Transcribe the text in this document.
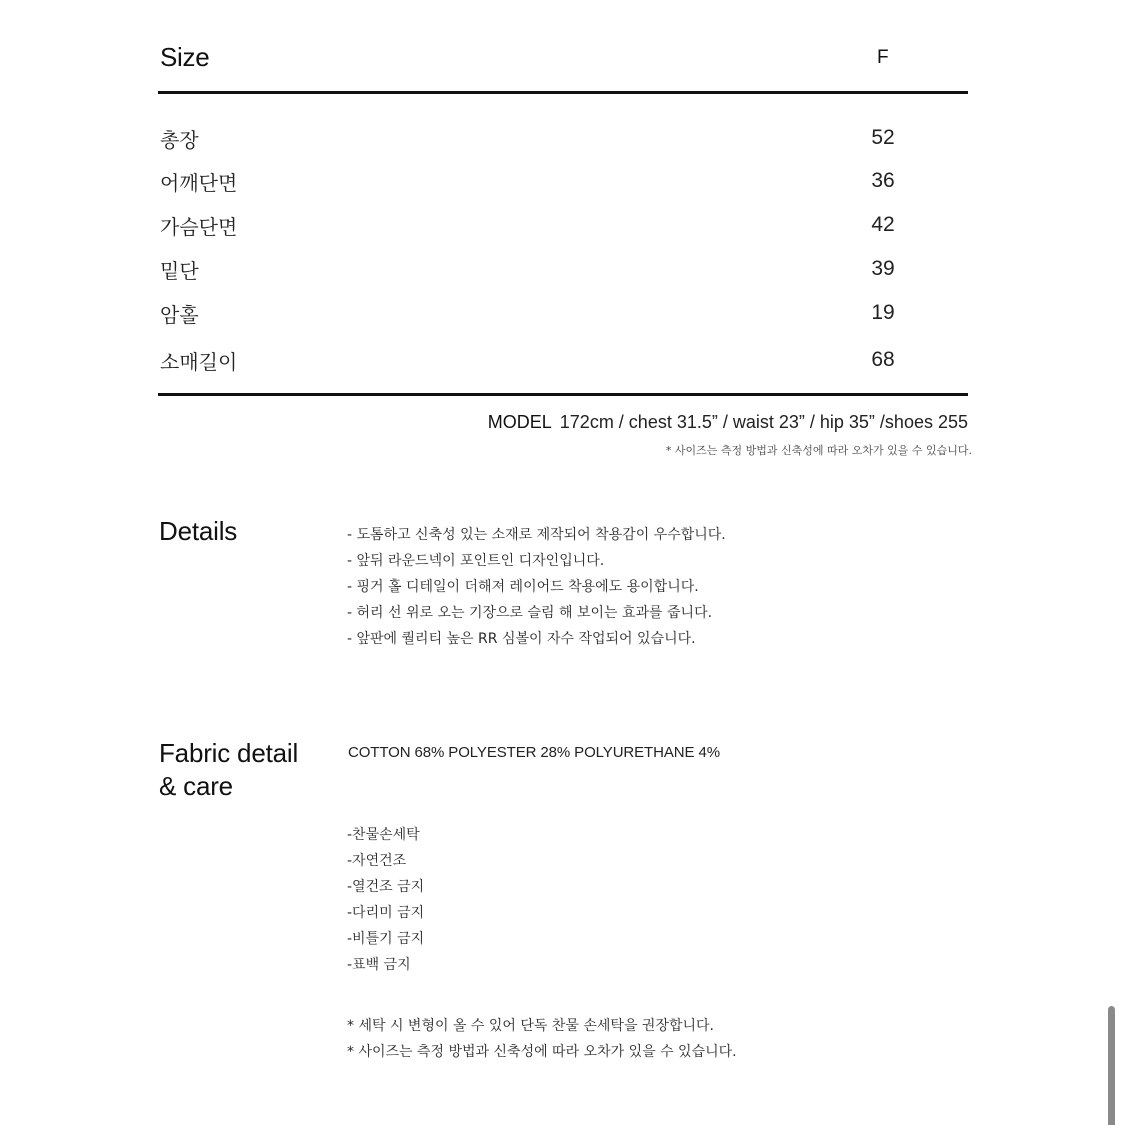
Size	F
총장	52
어깨단면	36
가슴단면	42
밑단	39
암홀	19
소매길이	68
MODEL 172cm / chest 31.5” / waist 23” / hip 35” /shoes 255
* 사이즈는 측정 방법과 신축성에 따라 오차가 있을 수 있습니다.
Details	- 도톰하고 신축성 있는 소재로 제작되어 착용감이 우수합니다.
- 앞뒤 라운드넥이 포인트인 디자인입니다.
- 핑거 홀 디테일이 더해져 레이어드 착용에도 용이합니다.
- 허리 선 위로 오는 기장으로 슬림 해 보이는 효과를 줍니다.
- 앞판에 퀄리티 높은 RR 심볼이 자수 작업되어 있습니다.
Fabric detail
& care
COTTON 68% POLYESTER 28% POLYURETHANE 4%
-찬물손세탁
-자연건조
-열건조 금지
-다리미 금지
-비틀기 금지
-표백 금지
* 세탁 시 변형이 올 수 있어 단독 찬물 손세탁을 권장합니다.
* 사이즈는 측정 방법과 신축성에 따라 오차가 있을 수 있습니다.
